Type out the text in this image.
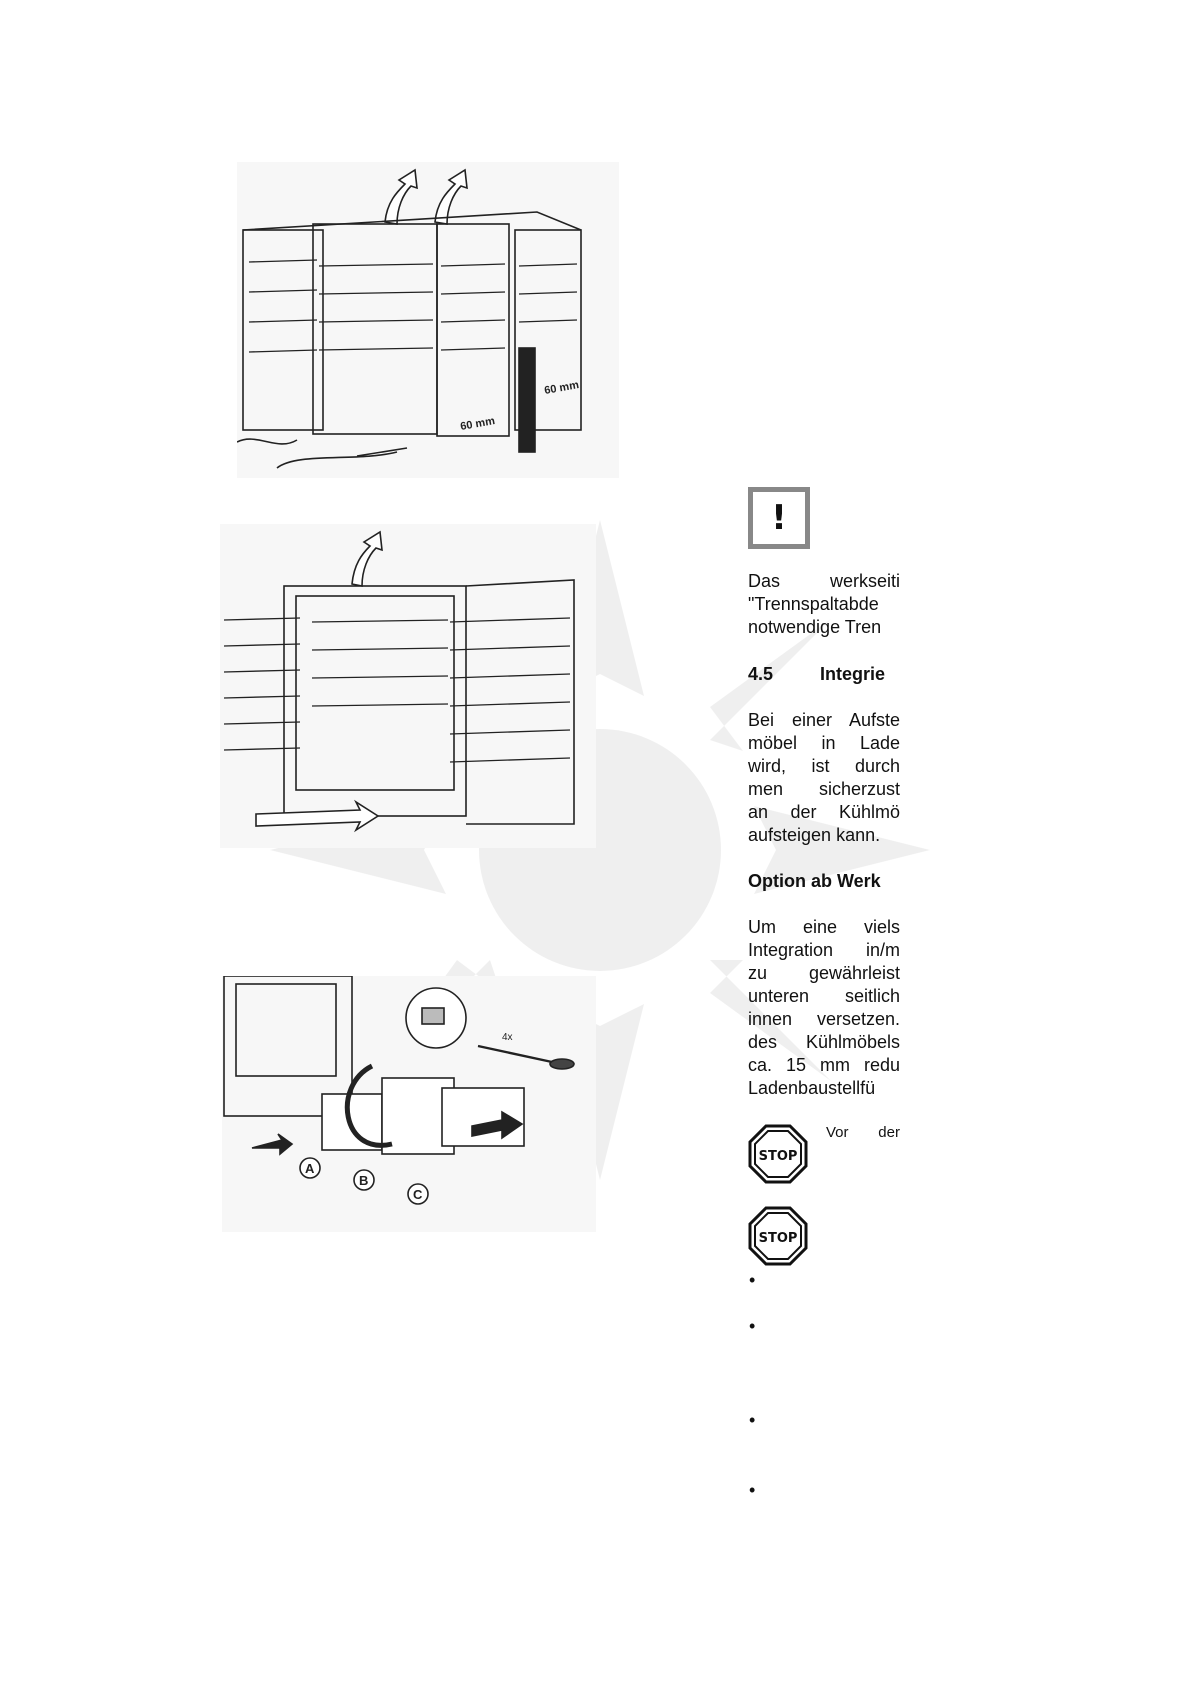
60 mm
60 mm
A
B
C
4x
!
Das werkseiti
"Trennspaltabde
notwendige Tren
4.5	Integrie
Bei einer Aufste
möbel in Lade
wird, ist durch
men sicherzust
an der Kühlmö
aufsteigen kann.
Option ab Werk
Um eine viels
Integration in/m
zu gewährleist
unteren seitlich
innen versetzen.
des Kühlmöbels
ca. 15 mm redu
Ladenbaustellfü
STOP
Vor der
STOP
•
•
•
•
